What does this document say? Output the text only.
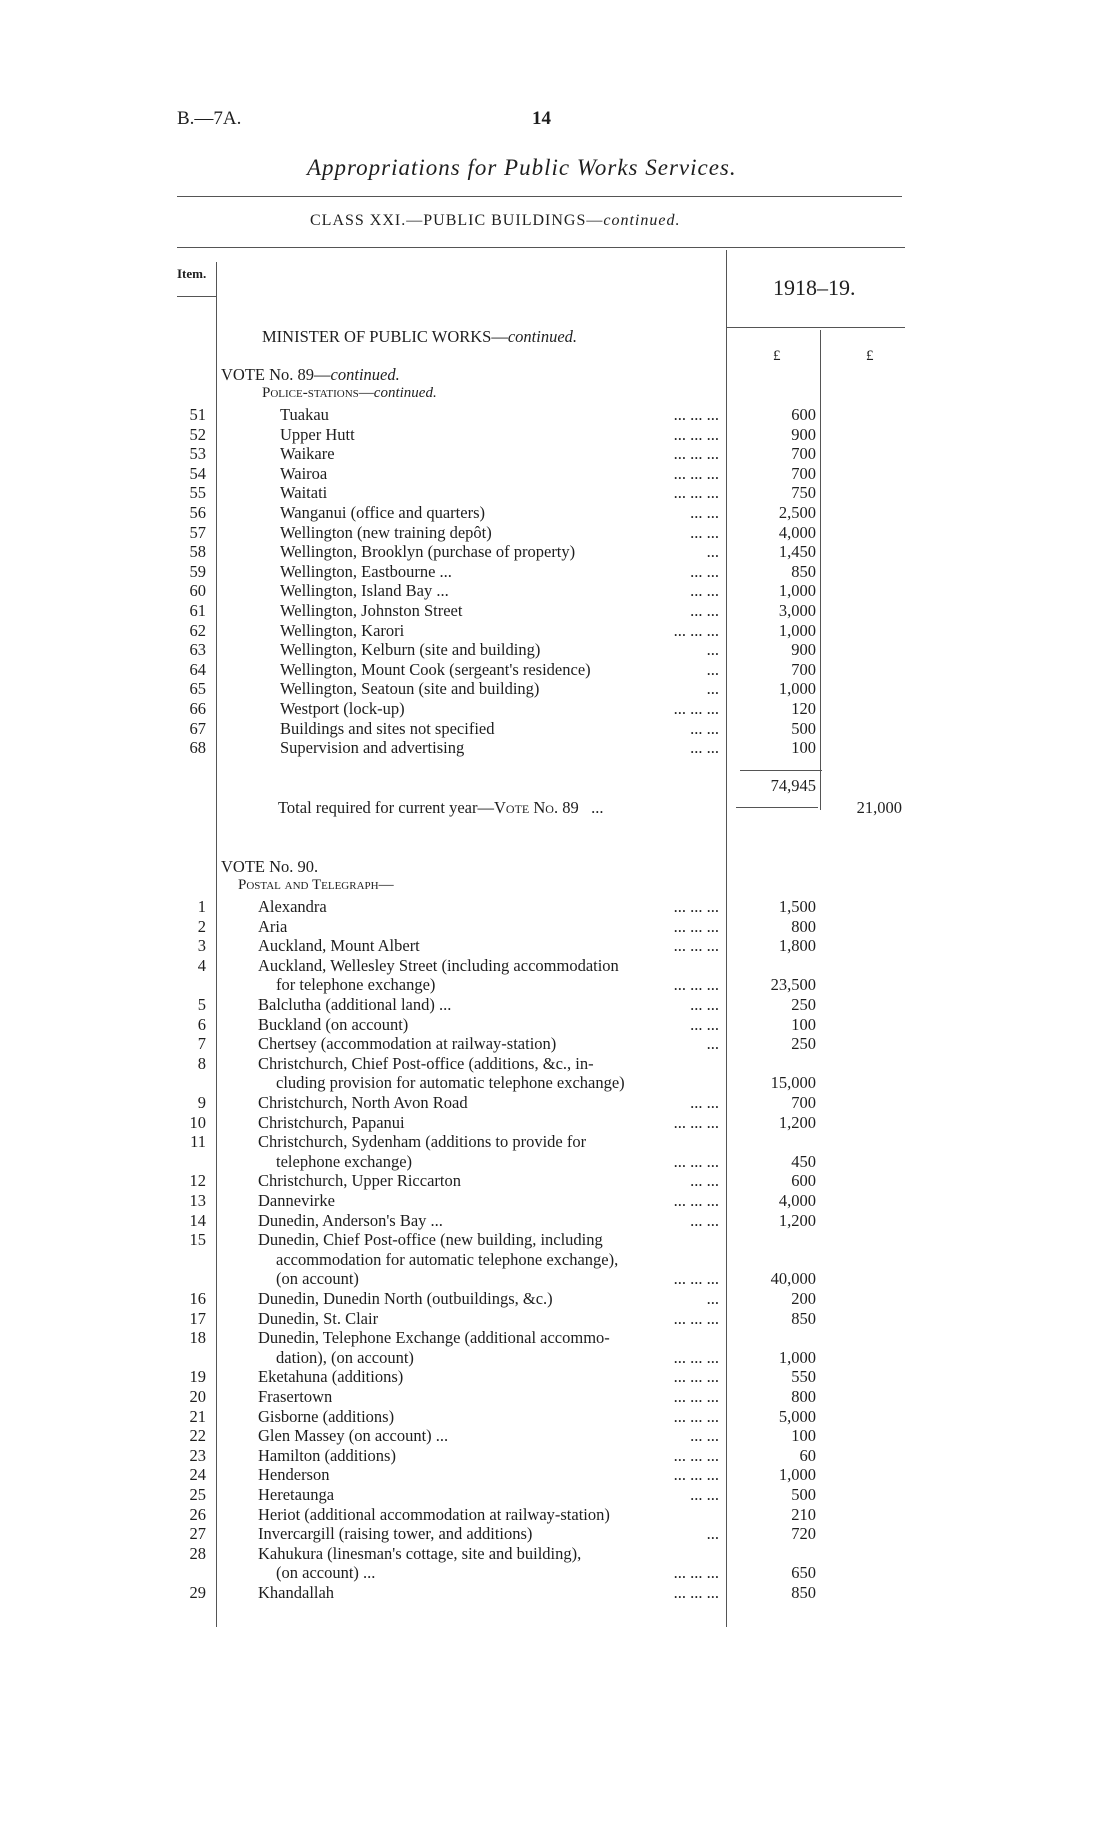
B.—7A.	14
Appropriations for Public Works Services.
CLASS XXI.—PUBLIC BUILDINGS—continued.
Item.
1918–19.
£	£
MINISTER OF PUBLIC WORKS—continued.
VOTE No. 89—continued.
Police-stations—continued.
51	Tuakau	... ... ...	600
52	Upper Hutt	... ... ...	900
53	Waikare	... ... ...	700
54	Wairoa	... ... ...	700
55	Waitati	... ... ...	750
56	Wanganui (office and quarters)	... ...	2,500
57	Wellington (new training depôt)	... ...	4,000
58	Wellington, Brooklyn (purchase of property)	...	1,450
59	Wellington, Eastbourne ...	... ...	850
60	Wellington, Island Bay ...	... ...	1,000
61	Wellington, Johnston Street	... ...	3,000
62	Wellington, Karori	... ... ...	1,000
63	Wellington, Kelburn (site and building)	...	900
64	Wellington, Mount Cook (sergeant's residence)	...	700
65	Wellington, Seatoun (site and building)	...	1,000
66	Westport (lock-up)	... ... ...	120
67	Buildings and sites not specified	... ...	500
68	Supervision and advertising	... ...	100
74,945
Total required for current year—Vote No. 89 ...	21,000
VOTE No. 90.
Postal and Telegraph—
1	Alexandra	... ... ...	1,500
2	Aria	... ... ...	800
3	Auckland, Mount Albert	... ... ...	1,800
4	Auckland, Wellesley Street (including accommodation
for telephone exchange)	... ... ...	23,500
5	Balclutha (additional land) ...	... ...	250
6	Buckland (on account)	... ...	100
7	Chertsey (accommodation at railway-station)	...	250
8	Christchurch, Chief Post-office (additions, &c., in-
cluding provision for automatic telephone exchange)	15,000
9	Christchurch, North Avon Road	... ...	700
10	Christchurch, Papanui	... ... ...	1,200
11	Christchurch, Sydenham (additions to provide for
telephone exchange)	... ... ...	450
12	Christchurch, Upper Riccarton	... ...	600
13	Dannevirke	... ... ...	4,000
14	Dunedin, Anderson's Bay ...	... ...	1,200
15	Dunedin, Chief Post-office (new building, including
accommodation for automatic telephone exchange),
(on account)	... ... ...	40,000
16	Dunedin, Dunedin North (outbuildings, &c.)	...	200
17	Dunedin, St. Clair	... ... ...	850
18	Dunedin, Telephone Exchange (additional accommo-
dation), (on account)	... ... ...	1,000
19	Eketahuna (additions)	... ... ...	550
20	Frasertown	... ... ...	800
21	Gisborne (additions)	... ... ...	5,000
22	Glen Massey (on account) ...	... ...	100
23	Hamilton (additions)	... ... ...	60
24	Henderson	... ... ...	1,000
25	Heretaunga	... ...	500
26	Heriot (additional accommodation at railway-station)	210
27	Invercargill (raising tower, and additions)	...	720
28	Kahukura (linesman's cottage, site and building),
(on account) ...	... ... ...	650
29	Khandallah	... ... ...	850
